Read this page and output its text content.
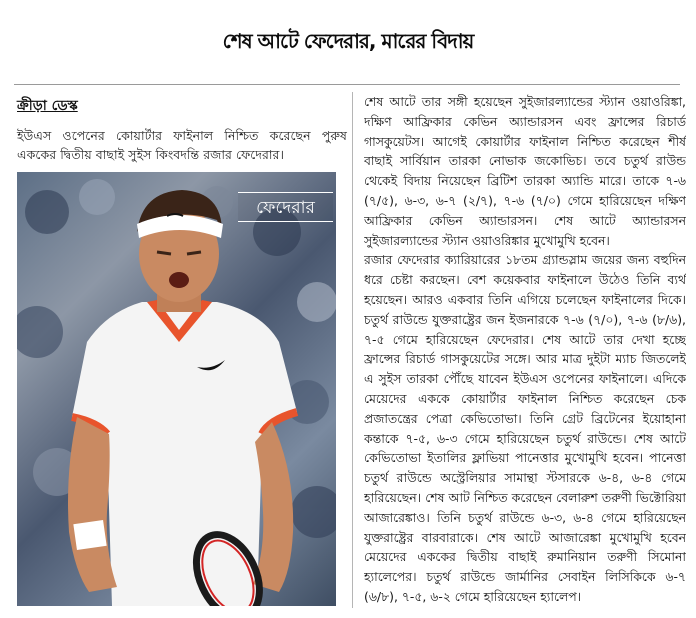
শেষ আটে ফেদেরার, মারের বিদায়
ক্রীড়া ডেস্ক
ইউএস ওপেনের কোয়ার্টার ফাইনাল নিশ্চিত করেছেন পুরুষ এককের দ্বিতীয় বাছাই সুইস কিংবদন্তি রজার ফেদেরার।
ফেদেরার

শেষ আটে তার সঙ্গী হয়েছেন সুইজারল্যান্ডের স্ট্যান ওয়াওরিঙ্কা, দক্ষিণ আফ্রিকার কেভিন অ্যান্ডারসন এবং ফ্রান্সের রিচার্ড গাসকুয়েটস। আগেই কোয়ার্টার ফাইনাল নিশ্চিত করেছেন শীর্ষ বাছাই সার্বিয়ান তারকা নোভাক জকোভিচ। তবে চতুর্থ রাউন্ড থেকেই বিদায় নিয়েছেন ব্রিটিশ তারকা অ্যান্ডি মারে। তাকে ৭-৬ (৭/৫), ৬-৩, ৬-৭ (২/৭), ৭-৬ (৭/০) গেমে হারিয়েছেন দক্ষিণ আফ্রিকার কেভিন অ্যান্ডারসন। শেষ আটে অ্যান্ডারসন সুইজারল্যান্ডের স্ট্যান ওয়াওরিঙ্কার মুখোমুখি হবেন।

রজার ফেদেরার ক্যারিয়ারের ১৮তম গ্র্যান্ডস্লাম জয়ের জন্য বহুদিন ধরে চেষ্টা করছেন। বেশ কয়েকবার ফাইনালে উঠেও তিনি ব্যর্থ হয়েছেন। আরও একবার তিনি এগিয়ে চলেছেন ফাইনালের দিকে। চতুর্থ রাউন্ডে যুক্তরাষ্ট্রের জন ইজনারকে ৭-৬ (৭/০), ৭-৬ (৮/৬), ৭-৫ গেমে হারিয়েছেন ফেদেরার। শেষ আটে তার দেখা হচ্ছে ফ্রান্সের রিচার্ড গাসকুয়েটের সঙ্গে। আর মাত্র দুইটা ম্যাচ জিতলেই এ সুইস তারকা পৌঁছে যাবেন ইউএস ওপেনের ফাইনালে। এদিকে মেয়েদের এককে কোয়ার্টার ফাইনাল নিশ্চিত করেছেন চেক প্রজাতন্ত্রের পেত্রা কেভিতোভা। তিনি গ্রেট ব্রিটেনের ইয়োহানা কন্তাকে ৭-৫, ৬-৩ গেমে হারিয়েছেন চতুর্থ রাউন্ডে। শেষ আটে কেভিতোভা ইতালির ফ্লাভিয়া পানেত্তার মুখোমুখি হবেন। পানেত্তা চতুর্থ রাউন্ডে অস্ট্রেলিয়ার সামান্থা স্টসারকে ৬-৪, ৬-৪ গেমে হারিয়েছেন। শেষ আট নিশ্চিত করেছেন বেলারুশ তরুণী ভিক্টোরিয়া আজারেঙ্কাও। তিনি চতুর্থ রাউন্ডে ৬-৩, ৬-৪ গেমে হারিয়েছেন যুক্তরাষ্ট্রের বারবারাকে। শেষ আটে আজারেঙ্কা মুখোমুখি হবেন মেয়েদের এককের দ্বিতীয় বাছাই রুমানিয়ান তরুণী সিমোনা হ্যালেপের। চতুর্থ রাউন্ডে জার্মানির সেবাইন লিসিকিকে ৬-৭ (৬/৮), ৭-৫, ৬-২ গেমে হারিয়েছেন হ্যালেপ।
